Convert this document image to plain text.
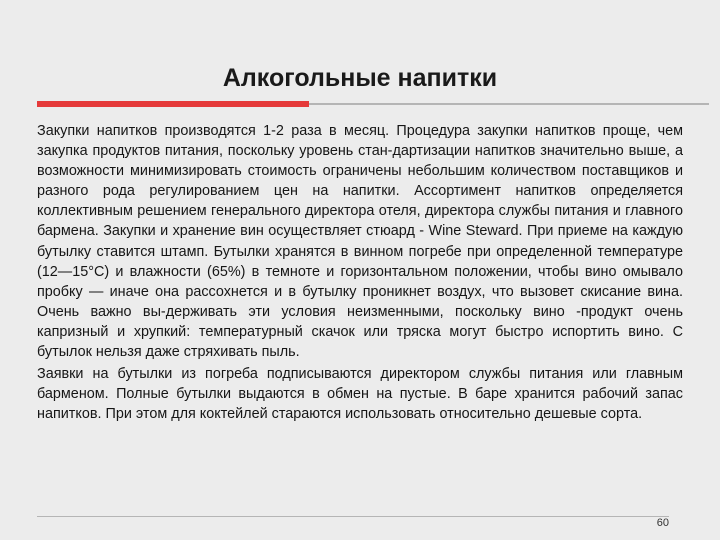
Алкогольные напитки

Закупки напитков производятся 1-2 раза в месяц. Процедура закупки напитков проще, чем закупка продуктов питания, поскольку уровень стан-дартизации напитков значительно выше, а возможности минимизировать стоимость ограничены небольшим количеством поставщиков и разного рода регулированием цен на напитки. Ассортимент напитков определяется коллективным решением генерального директора отеля, директора службы питания и главного бармена. Закупки и хранение вин осуществляет стюард - Wine Steward. При приеме на каждую бутылку ставится штамп. Бутылки хранятся в винном погребе при определенной температуре (12—15°С) и влажности (65%) в темноте и горизонтальном положении, чтобы вино омывало пробку — иначе она рассохнется и в бутылку проникнет воздух, что вызовет скисание вина. Очень важно вы-держивать эти условия неизменными, поскольку вино -продукт очень капризный и хрупкий: температурный скачок или тряска могут быстро испортить вино. С бутылок нельзя даже стряхивать пыль.

Заявки на бутылки из погреба подписываются директором службы питания или главным барменом. Полные бутылки выдаются в обмен на пустые. В баре хранится рабочий запас напитков. При этом для коктейлей стараются использовать относительно дешевые сорта.

60
